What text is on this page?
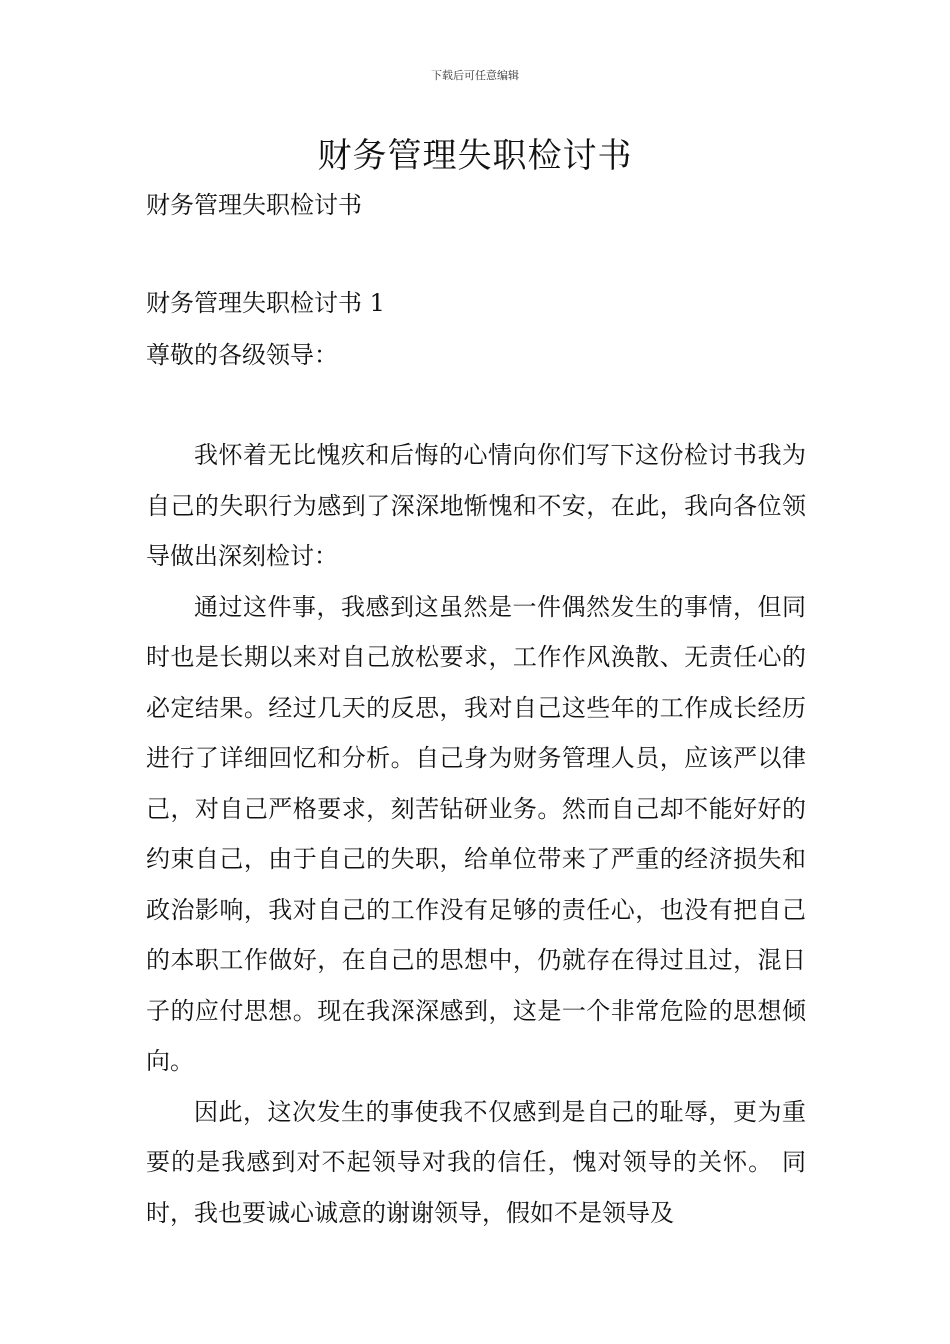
下载后可任意编辑
财务管理失职检讨书
财务管理失职检讨书
财务管理失职检讨书 1
尊敬的各级领导：

我怀着无比愧疚和后悔的心情向你们写下这份检讨书我为自己的失职行为感到了深深地惭愧和不安，在此，我向各位领导做出深刻检讨：

通过这件事，我感到这虽然是一件偶然发生的事情，但同时也是长期以来对自己放松要求，工作作风涣散、无责任心的必定结果。经过几天的反思，我对自己这些年的工作成长经历进行了详细回忆和分析。自己身为财务管理人员，应该严以律己，对自己严格要求，刻苦钻研业务。然而自己却不能好好的约束自己，由于自己的失职，给单位带来了严重的经济损失和政治影响，我对自己的工作没有足够的责任心，也没有把自己的本职工作做好，在自己的思想中，仍就存在得过且过，混日子的应付思想。现在我深深感到，这是一个非常危险的思想倾向。

因此，这次发生的事使我不仅感到是自己的耻辱，更为重要的是我感到对不起领导对我的信任，愧对领导的关怀。 同时，我也要诚心诚意的谢谢领导，假如不是领导及
